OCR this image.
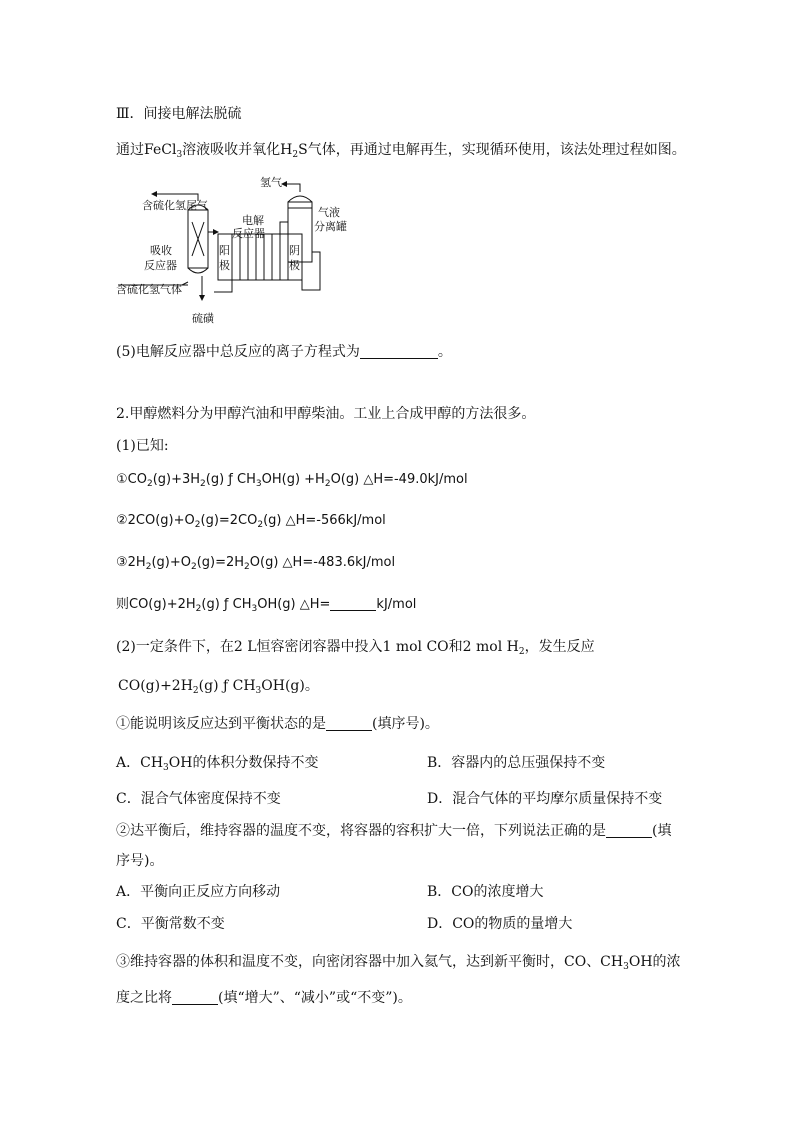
Ⅲ．间接电解法脱硫
通过FeCl$_3$溶液吸收并氧化$H_2S$气体，再通过电解再生，实现循环使用，该法处理过程如图。
氢气
气液
分离罐
含硫化氢尾气
电解
反应器
吸收
反应器
阳
极
阴
极
含硫化氢气体
硫磺
(5)电解反应器中总反应的离子方程式为	。
2.甲醇燃料分为甲醇汽油和甲醇柴油。工业上合成甲醇的方法很多。
(1)已知:
$①CO_2(g)+3H_2(g)$ ƒ $CH_3OH(g) +H_2O(g)$ △H=-49.0kJ/mol
$②2CO(g)+O_2(g)=2CO_2(g)$ △H=-566kJ/mol
$③2H_2(g)+O_2(g)=2H_2O(g)$ △H=-483.6kJ/mol
则$CO(g)+2H_2(g)$ ƒ $CH_3OH(g)$ △H=	kJ/mol
(2)一定条件下，在2 L恒容密闭容器中投入1 mol CO和2 mol $H_2$，发生反应
$CO(g)+2H_2(g)$ ƒ $CH_3OH(g)$。
①能说明该反应达到平衡状态的是	(填序号)。
A．$CH_3OH$的体积分数保持不变	B．容器内的总压强保持不变
C．混合气体密度保持不变	D．混合气体的平均摩尔质量保持不变
②达平衡后，维持容器的温度不变，将容器的容积扩大一倍，下列说法正确的是	(填
序号)。
A．平衡向正反应方向移动	B．CO的浓度增大
C．平衡常数不变	D．CO的物质的量增大
③维持容器的体积和温度不变，向密闭容器中加入氦气，达到新平衡时，CO、$CH_3OH$的浓
度之比将	(填“增大”、“减小”或“不变”)。
